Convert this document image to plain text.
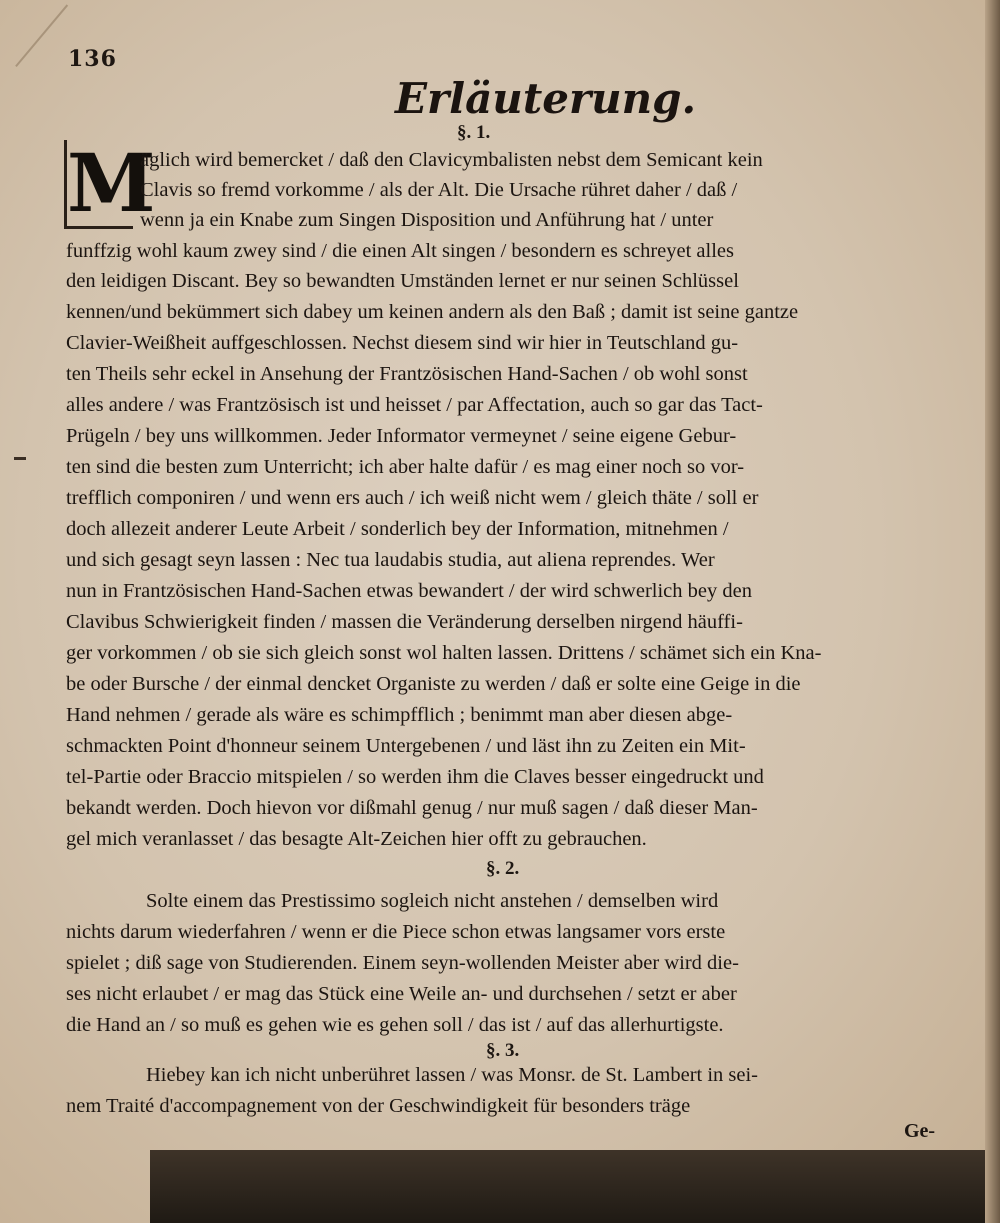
136
Erläuterung.
§. 1.
M
äglich wird bemercket / daß den Clavicymbalisten nebst dem Semicant kein
Clavis so fremd vorkomme / als der Alt. Die Ursache rühret daher / daß /
wenn ja ein Knabe zum Singen Disposition und Anführung hat / unter
funffzig wohl kaum zwey sind / die einen Alt singen / besondern es schreyet alles
den leidigen Discant. Bey so bewandten Umständen lernet er nur seinen Schlüssel
kennen/und bekümmert sich dabey um keinen andern als den Baß ; damit ist seine gantze
Clavier-Weißheit auffgeschlossen. Nechst diesem sind wir hier in Teutschland gu-
ten Theils sehr eckel in Ansehung der Frantzösischen Hand-Sachen / ob wohl sonst
alles andere / was Frantzösisch ist und heisset / par Affectation, auch so gar das Tact-
Prügeln / bey uns willkommen. Jeder Informator vermeynet / seine eigene Gebur-
ten sind die besten zum Unterricht; ich aber halte dafür / es mag einer noch so vor-
trefflich componiren / und wenn ers auch / ich weiß nicht wem / gleich thäte / soll er
doch allezeit anderer Leute Arbeit / sonderlich bey der Information, mitnehmen /
und sich gesagt seyn lassen : Nec tua laudabis studia, aut aliena reprendes. Wer
nun in Frantzösischen Hand-Sachen etwas bewandert / der wird schwerlich bey den
Clavibus Schwierigkeit finden / massen die Veränderung derselben nirgend häuffi-
ger vorkommen / ob sie sich gleich sonst wol halten lassen. Drittens / schämet sich ein Kna-
be oder Bursche / der einmal dencket Organiste zu werden / daß er solte eine Geige in die
Hand nehmen / gerade als wäre es schimpfflich ; benimmt man aber diesen abge-
schmackten Point d'honneur seinem Untergebenen / und läst ihn zu Zeiten ein Mit-
tel-Partie oder Braccio mitspielen / so werden ihm die Claves besser eingedruckt und
bekandt werden. Doch hievon vor dißmahl genug / nur muß sagen / daß dieser Man-
gel mich veranlasset / das besagte Alt-Zeichen hier offt zu gebrauchen.
§. 2.
Solte einem das Prestissimo sogleich nicht anstehen / demselben wird
nichts darum wiederfahren / wenn er die Piece schon etwas langsamer vors erste
spielet ; diß sage von Studierenden. Einem seyn-wollenden Meister aber wird die-
ses nicht erlaubet / er mag das Stück eine Weile an- und durchsehen / setzt er aber
die Hand an / so muß es gehen wie es gehen soll / das ist / auf das allerhurtigste.
§. 3.
Hiebey kan ich nicht unberühret lassen / was Monsr. de St. Lambert in sei-
nem Traité d'accompagnement von der Geschwindigkeit für besonders träge
Ge-
